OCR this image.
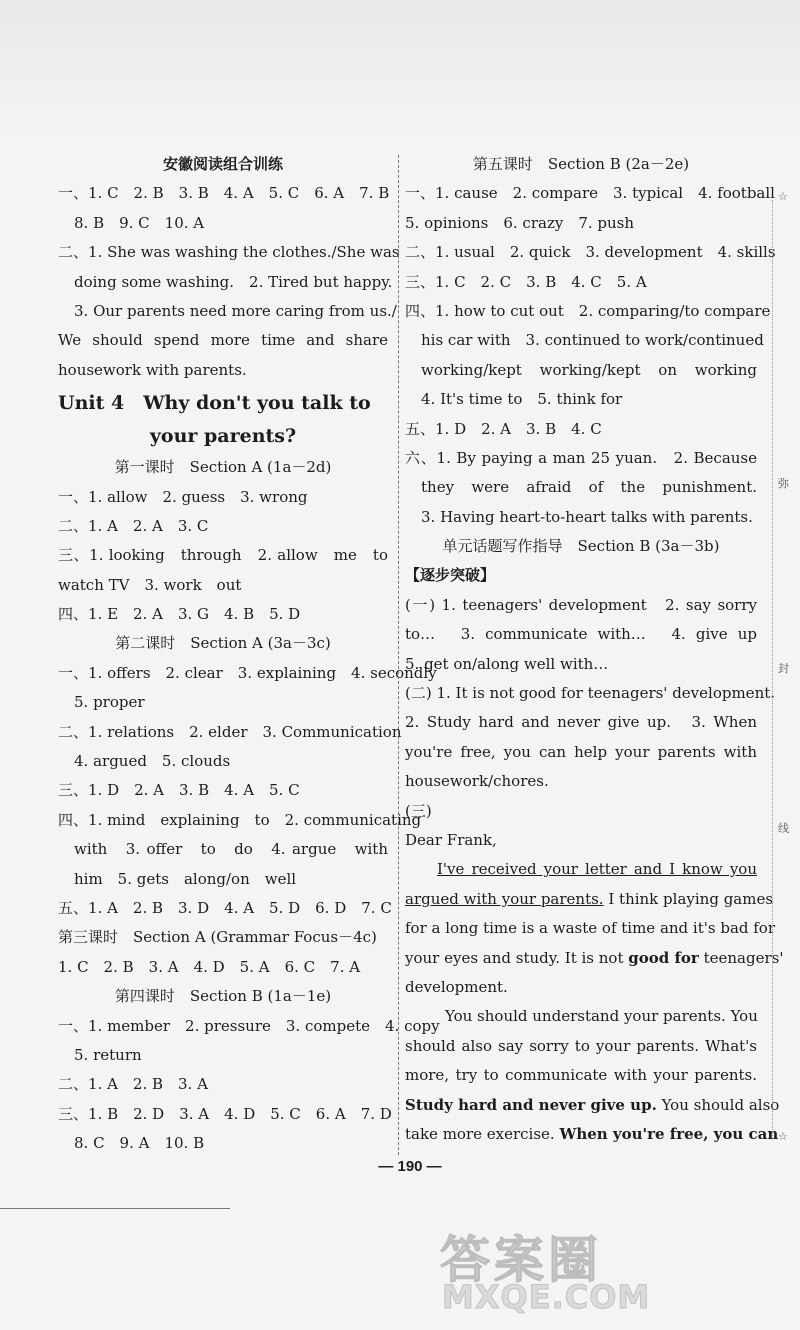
安徽阅读组合训练
一、1. C　2. B　3. B　4. A　5. C　6. A　7. B
8. B　9. C　10. A
二、1. She was washing the clothes./She was
doing some washing.　2. Tired but happy.
3. Our parents need more caring from us./
We should spend more time and share
housework with parents.
Unit 4　Why don't you talk to
your parents?
第一课时　Section A (1a－2d)
一、1. allow　2. guess　3. wrong
二、1. A　2. A　3. C
三、1. looking　through　2. allow　me　to
watch TV　3. work　out
四、1. E　2. A　3. G　4. B　5. D
第二课时　Section A (3a－3c)
一、1. offers　2. clear　3. explaining　4. secondly
5. proper
二、1. relations　2. elder　3. Communication
4. argued　5. clouds
三、1. D　2. A　3. B　4. A　5. C
四、1. mind　explaining　to　2. communicating
with　3. offer　to　do　4. argue　with
him　5. gets　along/on　well
五、1. A　2. B　3. D　4. A　5. D　6. D　7. C
第三课时　Section A (Grammar Focus－4c)
1. C　2. B　3. A　4. D　5. A　6. C　7. A
第四课时　Section B (1a－1e)
一、1. member　2. pressure　3. compete　4. copy
5. return
二、1. A　2. B　3. A
三、1. B　2. D　3. A　4. D　5. C　6. A　7. D
8. C　9. A　10. B
第五课时　Section B (2a－2e)
一、1. cause　2. compare　3. typical　4. football
5. opinions　6. crazy　7. push
二、1. usual　2. quick　3. development　4. skills
三、1. C　2. C　3. B　4. C　5. A
四、1. how to cut out　2. comparing/to compare
his car with　3. continued to work/continued
working/kept working/kept on working
4. It's time to　5. think for
五、1. D　2. A　3. B　4. C
六、1. By paying a man 25 yuan.　2. Because
they were afraid of the punishment.
3. Having heart-to-heart talks with parents.
单元话题写作指导　Section B (3a－3b)
【逐步突破】
(一) 1. teenagers' development　2. say sorry
to…　3. communicate with…　4. give up
5. get on/along well with…
(二) 1. It is not good for teenagers' development.
2. Study hard and never give up.　3. When
you're free, you can help your parents with
housework/chores.
(三)
Dear Frank,
I've received your letter and I know you
argued with your parents. I think playing games
for a long time is a waste of time and it's bad for
your eyes and study. It is not good for teenagers'
development.
You should understand your parents. You
should also say sorry to your parents. What's
more, try to communicate with your parents.
Study hard and never give up. You should also
take more exercise. When you're free, you can
— 190 —
☆
弥
封
线
☆
答案圈
MXQE.COM
